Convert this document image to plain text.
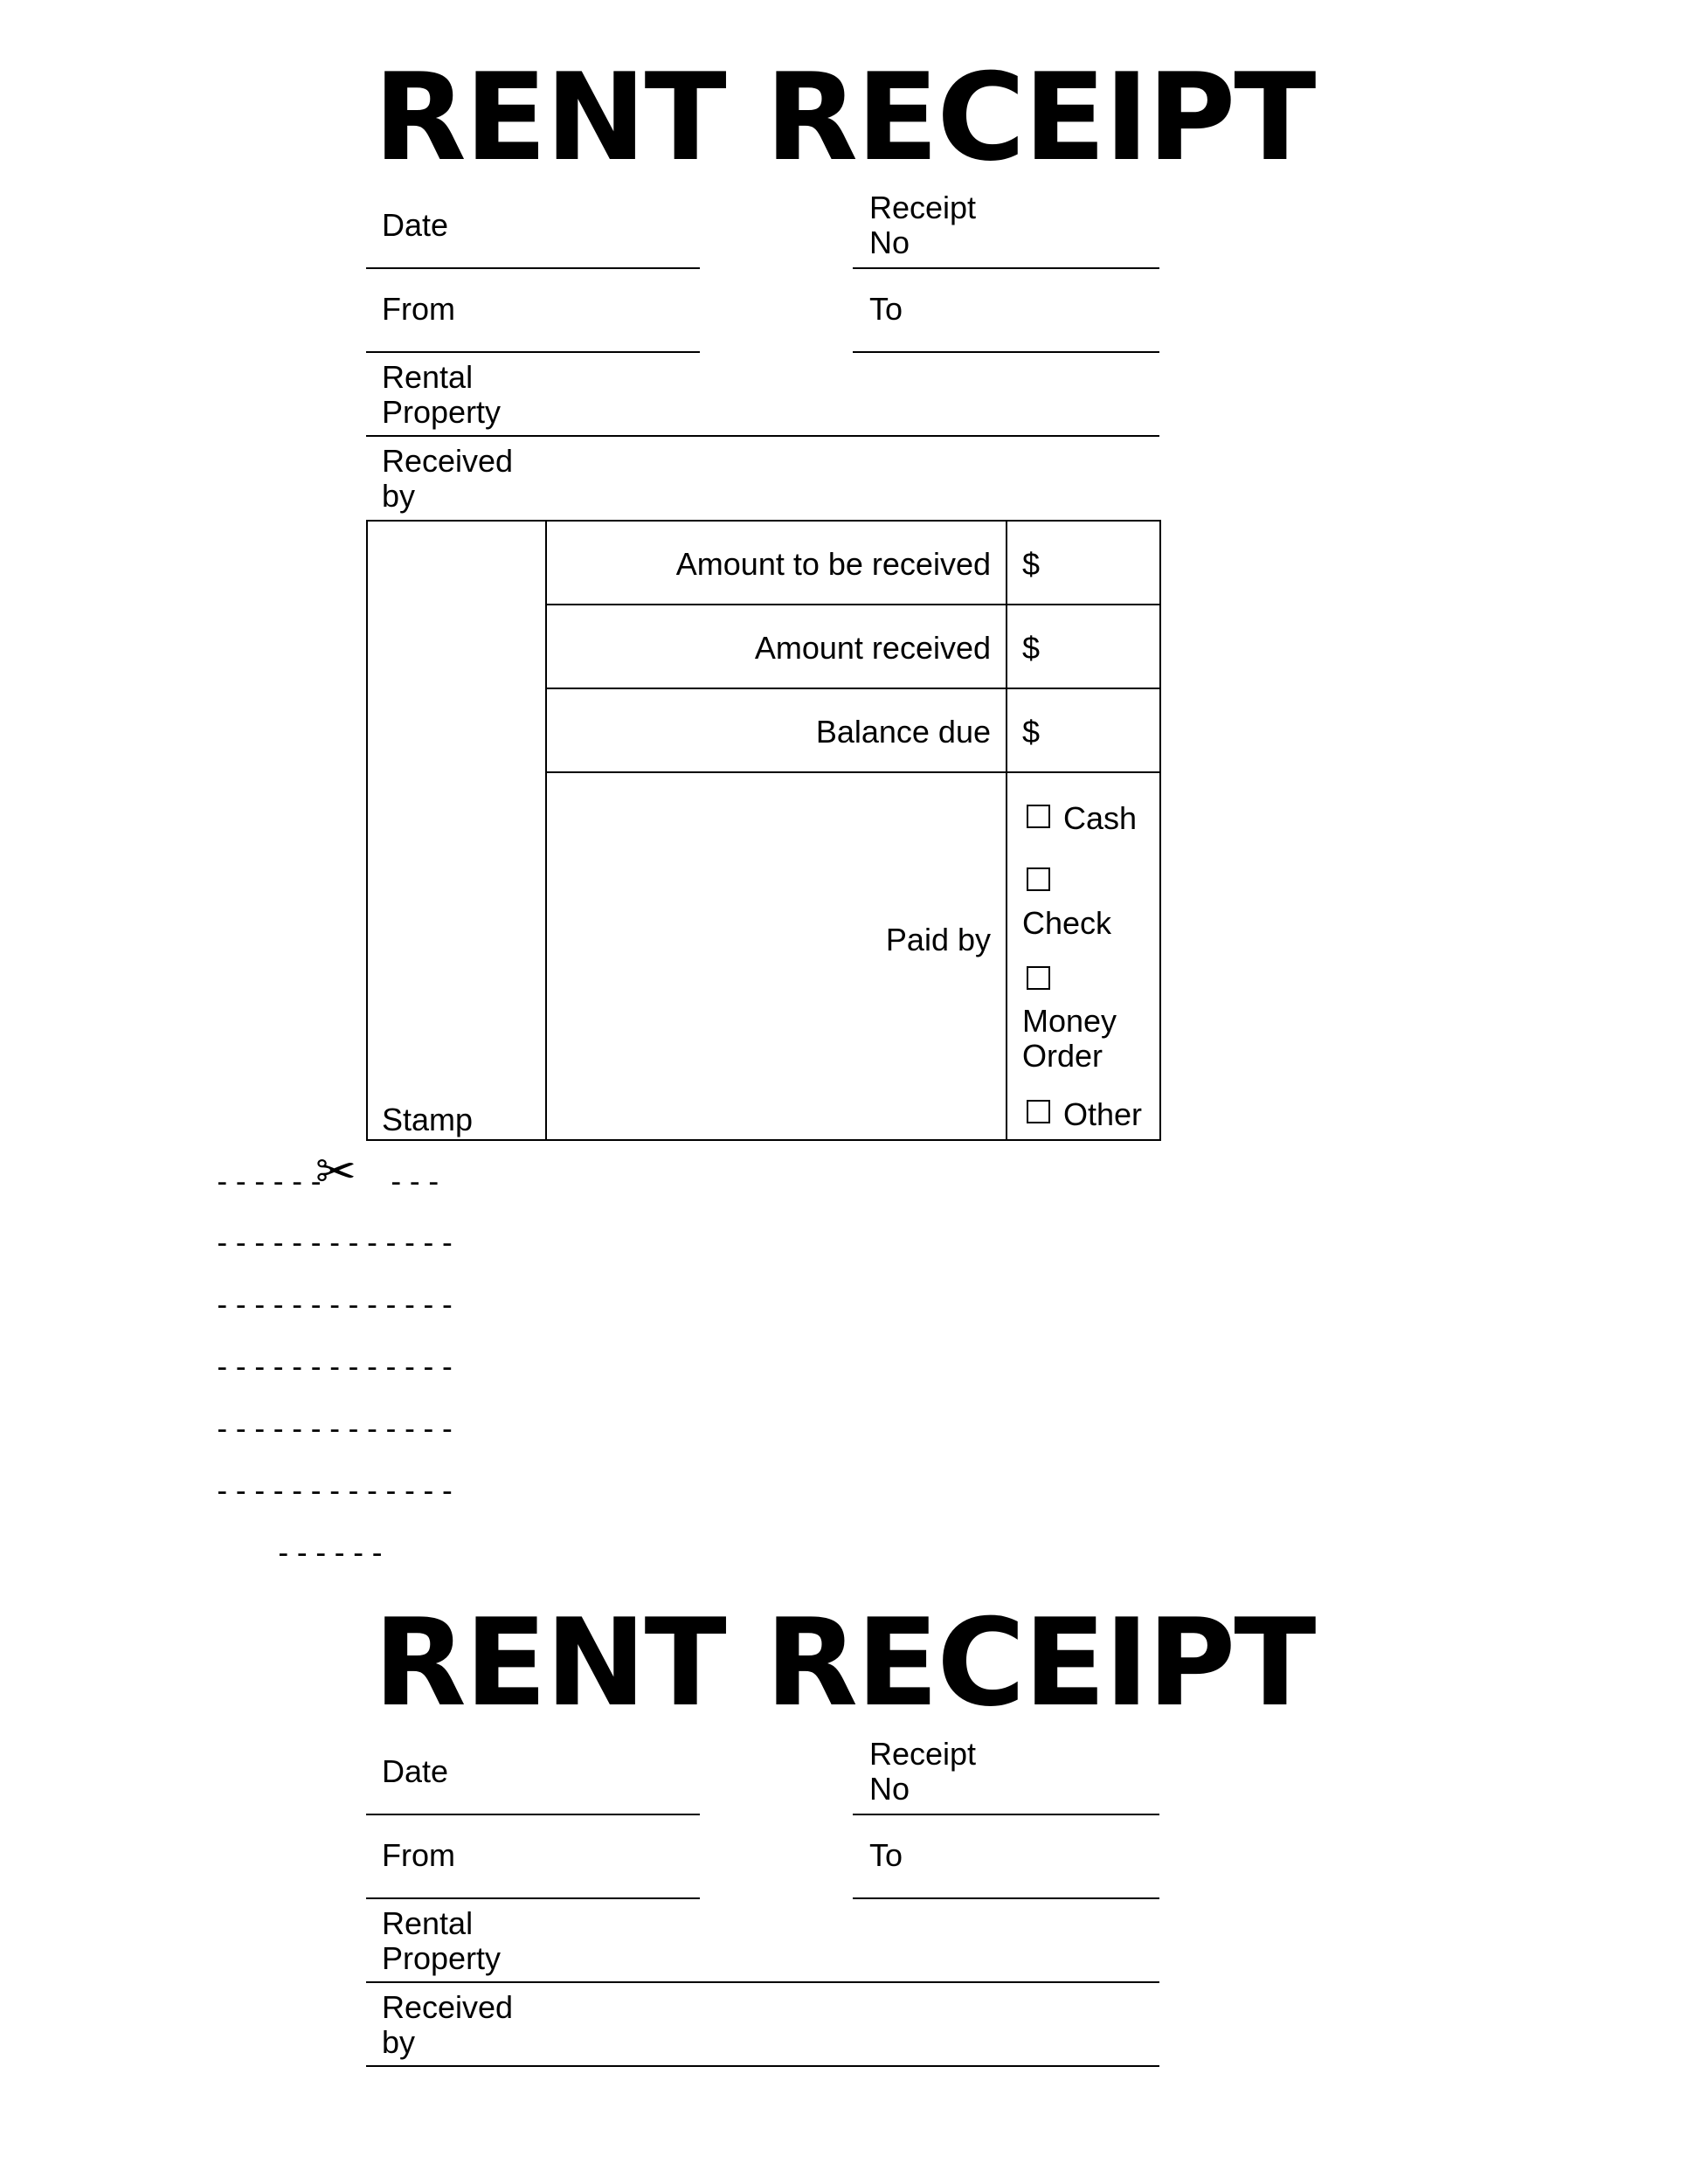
RENT RECEIPT
Date	Receipt
No
From	To
Rental
Property
Received
by
Stamp
Amount to be received $
Amount received $
Balance due $
Paid by
Cash
Check
Money
Order
Other
------
✂ ---
-------------
-------------
-------------
-------------
-------------
------
RENT RECEIPT
Date	Receipt
No
From	To
Rental
Property
Received
by
